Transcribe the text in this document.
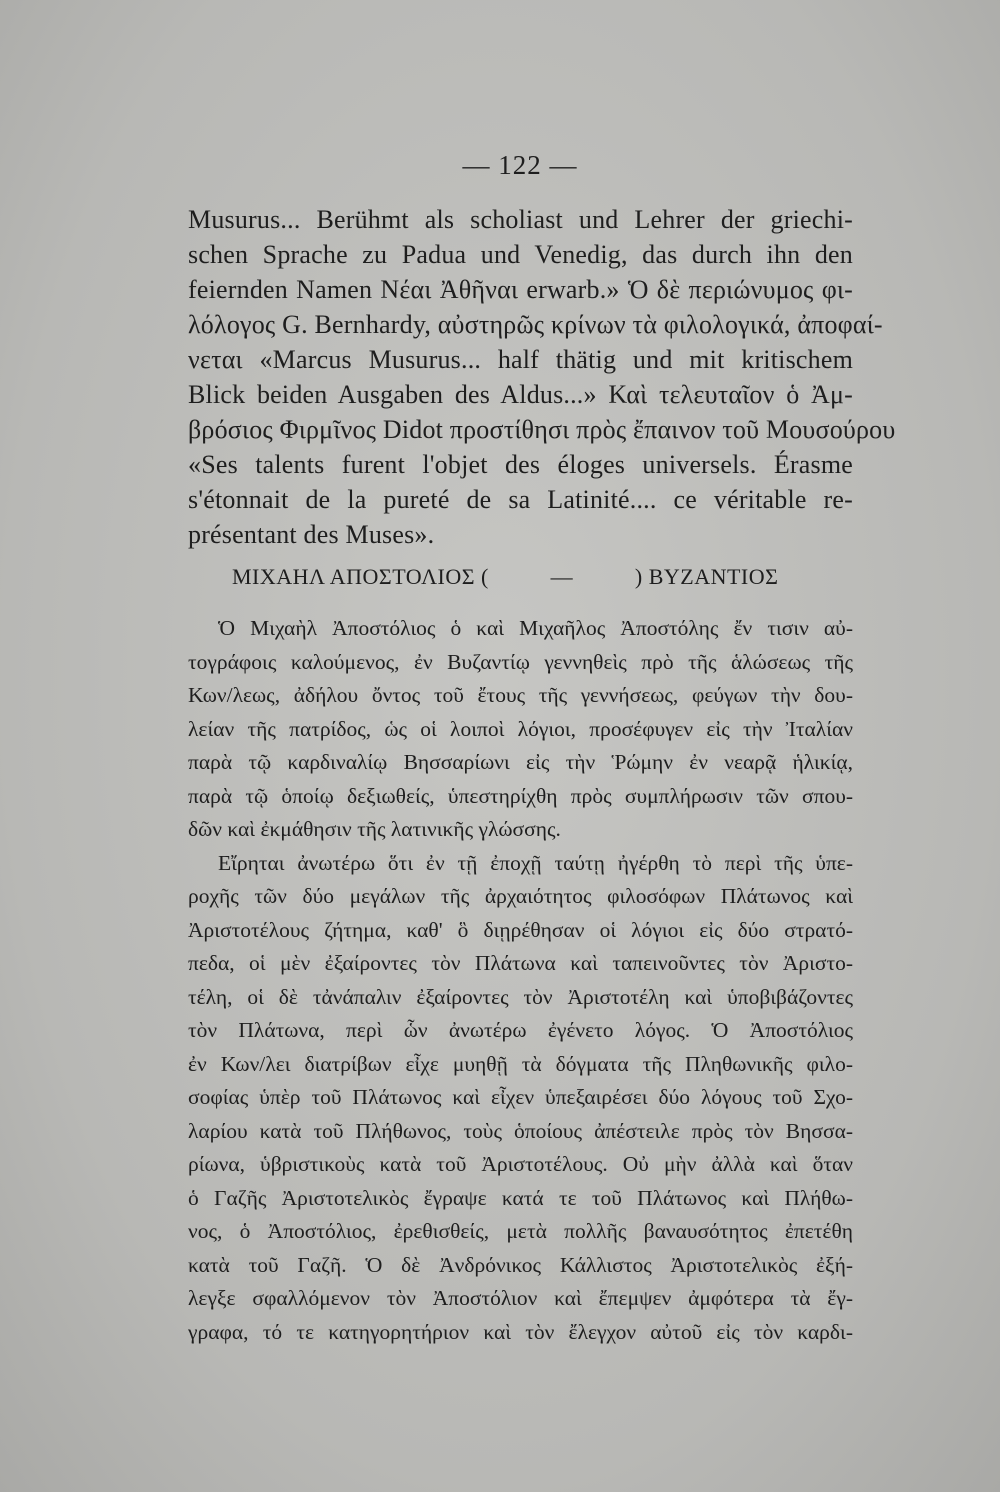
— 122 —
Musurus... Berühmt als scholiast und Lehrer der griechi-
schen Sprache zu Padua und Venedig, das durch ihn den
feiernden Namen Νέαι Ἀθῆναι erwarb.» Ὁ δὲ περιώνυμος φι-
λόλογος G. Bernhardy, αὐστηρῶς κρίνων τὰ φιλολογικά, ἀποφαί-
νεται «Marcus Musurus... half thätig und mit kritischem
Blick beiden Ausgaben des Aldus...» Καὶ τελευταῖον ὁ Ἀμ-
βρόσιος Φιρμῖνος Didot προστίθησι πρὸς ἔπαινον τοῦ Μουσούρου
«Ses talents furent l'objet des éloges universels. Érasme
s'étonnait de la pureté de sa Latinité.... ce véritable re-
présentant des Muses».
ΜΙΧΑΗΛ ΑΠΟΣΤΟΛΙΟΣ (	—	) ΒΥΖΑΝΤΙΟΣ
Ὁ Μιχαὴλ Ἀποστόλιος ὁ καὶ Μιχαῆλος Ἀποστόλης ἔν τισιν αὐ-
τογράφοις καλούμενος, ἐν Βυζαντίῳ γεννηθεὶς πρὸ τῆς ἁλώσεως τῆς
Κων/λεως, ἀδήλου ὄντος τοῦ ἔτους τῆς γεννήσεως, φεύγων τὴν δου-
λείαν τῆς πατρίδος, ὡς οἱ λοιποὶ λόγιοι, προσέφυγεν εἰς τὴν Ἰταλίαν
παρὰ τῷ καρδιναλίῳ Βησσαρίωνι εἰς τὴν Ῥώμην ἐν νεαρᾷ ἡλικίᾳ,
παρὰ τῷ ὁποίῳ δεξιωθείς, ὑπεστηρίχθη πρὸς συμπλήρωσιν τῶν σπου-
δῶν καὶ ἐκμάθησιν τῆς λατινικῆς γλώσσης.
Εἴρηται ἀνωτέρω ὅτι ἐν τῇ ἐποχῇ ταύτῃ ἠγέρθη τὸ περὶ τῆς ὑπε-
ροχῆς τῶν δύο μεγάλων τῆς ἀρχαιότητος φιλοσόφων Πλάτωνος καὶ
Ἀριστοτέλους ζήτημα, καθ' ὃ διῃρέθησαν οἱ λόγιοι εἰς δύο στρατό-
πεδα, οἱ μὲν ἐξαίροντες τὸν Πλάτωνα καὶ ταπεινοῦντες τὸν Ἀριστο-
τέλη, οἱ δὲ τἀνάπαλιν ἐξαίροντες τὸν Ἀριστοτέλη καὶ ὑποβιβάζοντες
τὸν Πλάτωνα, περὶ ὧν ἀνωτέρω ἐγένετο λόγος. Ὁ Ἀποστόλιος
ἐν Κων/λει διατρίβων εἶχε μυηθῇ τὰ δόγματα τῆς Πληθωνικῆς φιλο-
σοφίας ὑπὲρ τοῦ Πλάτωνος καὶ εἶχεν ὑπεξαιρέσει δύο λόγους τοῦ Σχο-
λαρίου κατὰ τοῦ Πλήθωνος, τοὺς ὁποίους ἀπέστειλε πρὸς τὸν Βησσα-
ρίωνα, ὑβριστικοὺς κατὰ τοῦ Ἀριστοτέλους. Οὐ μὴν ἀλλὰ καὶ ὅταν
ὁ Γαζῆς Ἀριστοτελικὸς ἔγραψε κατά τε τοῦ Πλάτωνος καὶ Πλήθω-
νος, ὁ Ἀποστόλιος, ἐρεθισθείς, μετὰ πολλῆς βαναυσότητος ἐπετέθη
κατὰ τοῦ Γαζῆ. Ὁ δὲ Ἀνδρόνικος Κάλλιστος Ἀριστοτελικὸς ἐξή-
λεγξε σφαλλόμενον τὸν Ἀποστόλιον καὶ ἔπεμψεν ἀμφότερα τὰ ἔγ-
γραφα, τό τε κατηγορητήριον καὶ τὸν ἔλεγχον αὐτοῦ εἰς τὸν καρδι-
